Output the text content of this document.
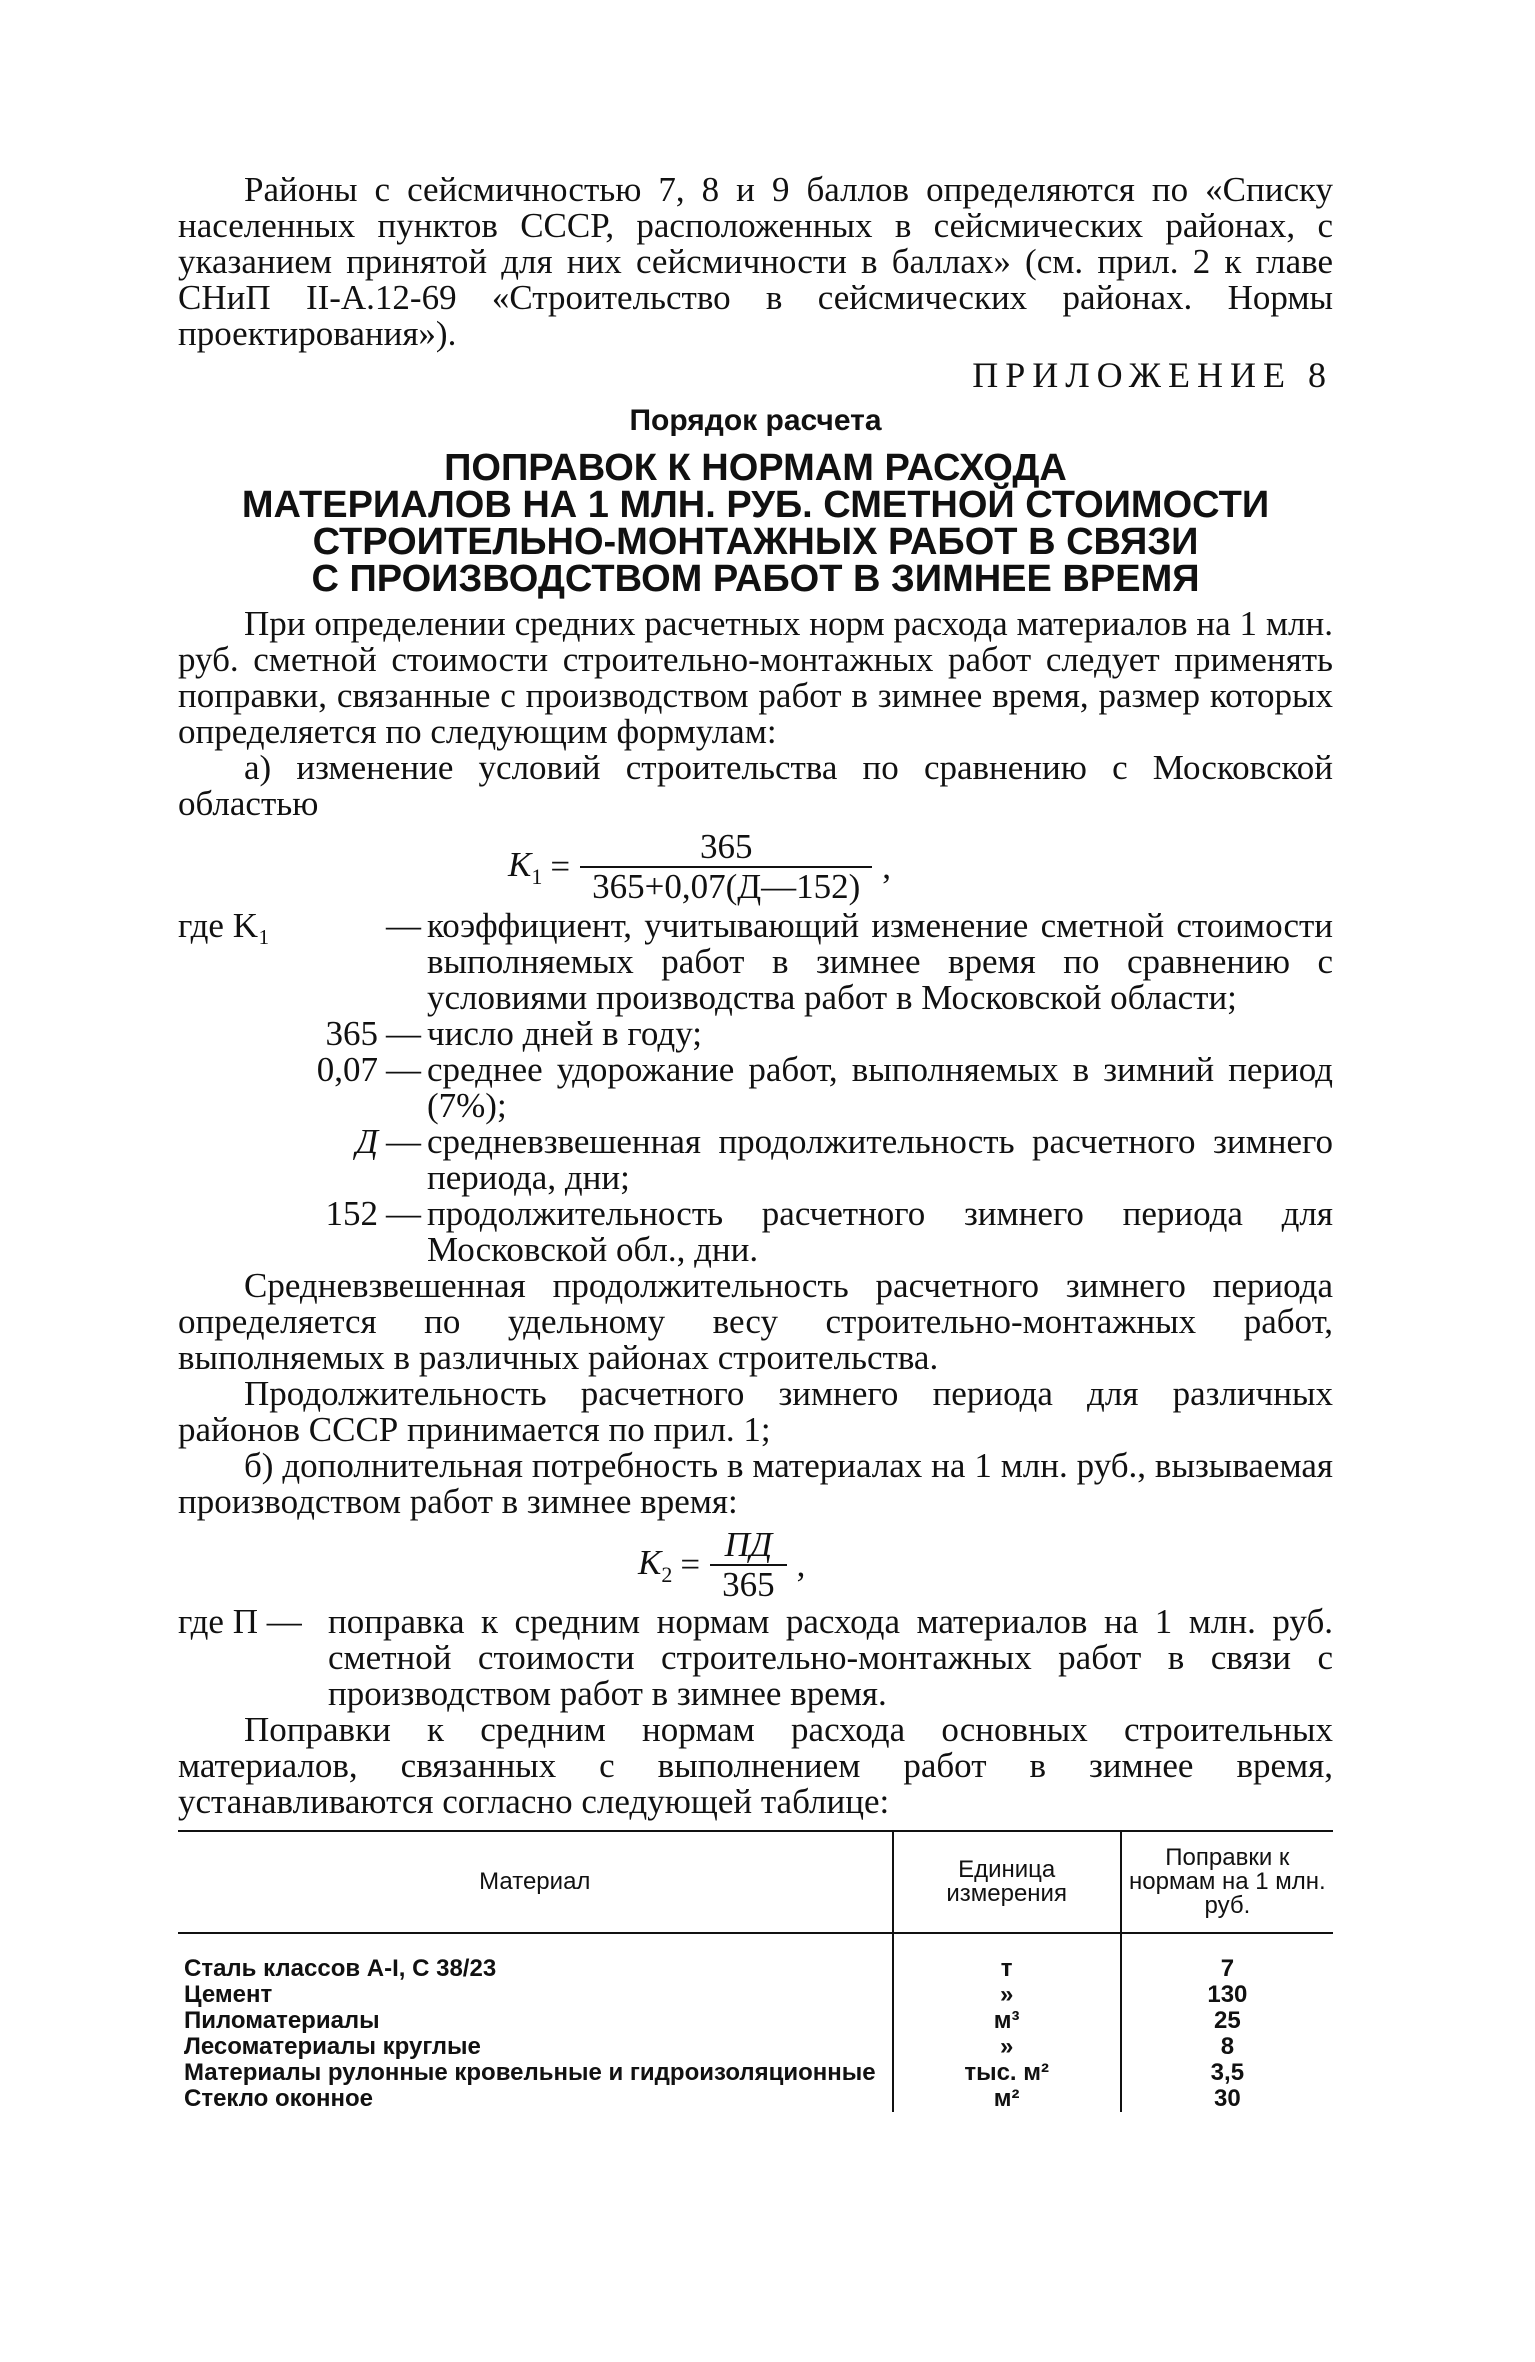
Районы с сейсмичностью 7, 8 и 9 баллов определяются по «Списку населенных пунктов СССР, расположенных в сейсмических районах, с указанием принятой для них сейсмичности в баллах» (см. прил. 2 к главе СНиП II-А.12-69 «Строительство в сейсмических районах. Нормы проектирования»).

ПРИЛОЖЕНИЕ 8
Порядок расчета
ПОПРАВОК К НОРМАМ РАСХОДА
МАТЕРИАЛОВ НА 1 МЛН. РУБ. СМЕТНОЙ СТОИМОСТИ
СТРОИТЕЛЬНО-МОНТАЖНЫХ РАБОТ В СВЯЗИ
С ПРОИЗВОДСТВОМ РАБОТ В ЗИМНЕЕ ВРЕМЯ

При определении средних расчетных норм расхода материалов на 1 млн. руб. сметной стоимости строительно-монтажных работ следует применять поправки, связанные с производством работ в зимнее время, размер которых определяется по следующим формулам:

а) изменение условий строительства по сравнению с Московской областью

$K_1 = \frac{365}{365+0,07(Д—152)}$ ,
где K₁	— коэффициент, учитывающий изменение сметной стоимости выполняемых работ в зимнее время по сравнению с условиями производства работ в Московской области;
365 — число дней в году;
0,07 — среднее удорожание работ, выполняемых в зимний период (7%);
Д — средневзвешенная продолжительность расчетного зимнего периода, дни;
152 — продолжительность расчетного зимнего периода для Московской обл., дни.

Средневзвешенная продолжительность расчетного зимнего периода определяется по удельному весу строительно-монтажных работ, выполняемых в различных районах строительства.

Продолжительность расчетного зимнего периода для различных районов СССР принимается по прил. 1;

б) дополнительная потребность в материалах на 1 млн. руб., вызываемая производством работ в зимнее время:

$K_2 = \frac{ПД}{365}$ ,
где П — поправка к средним нормам расхода материалов на 1 млн. руб. сметной стоимости строительно-монтажных работ в связи с производством работ в зимнее время.

Поправки к средним нормам расхода основных строительных материалов, связанных с выполнением работ в зимнее время, устанавливаются согласно следующей таблице:

Материал	Единица измерения	Поправки к нормам на 1 млн. руб.
Сталь классов А-I, С 38/23	т	7
Цемент	»	130
Пиломатериалы	м³	25
Лесоматериалы круглые	»	8
Материалы рулонные кровельные и гидроизоляционные	тыс. м²	3,5
Стекло оконное	м²	30
